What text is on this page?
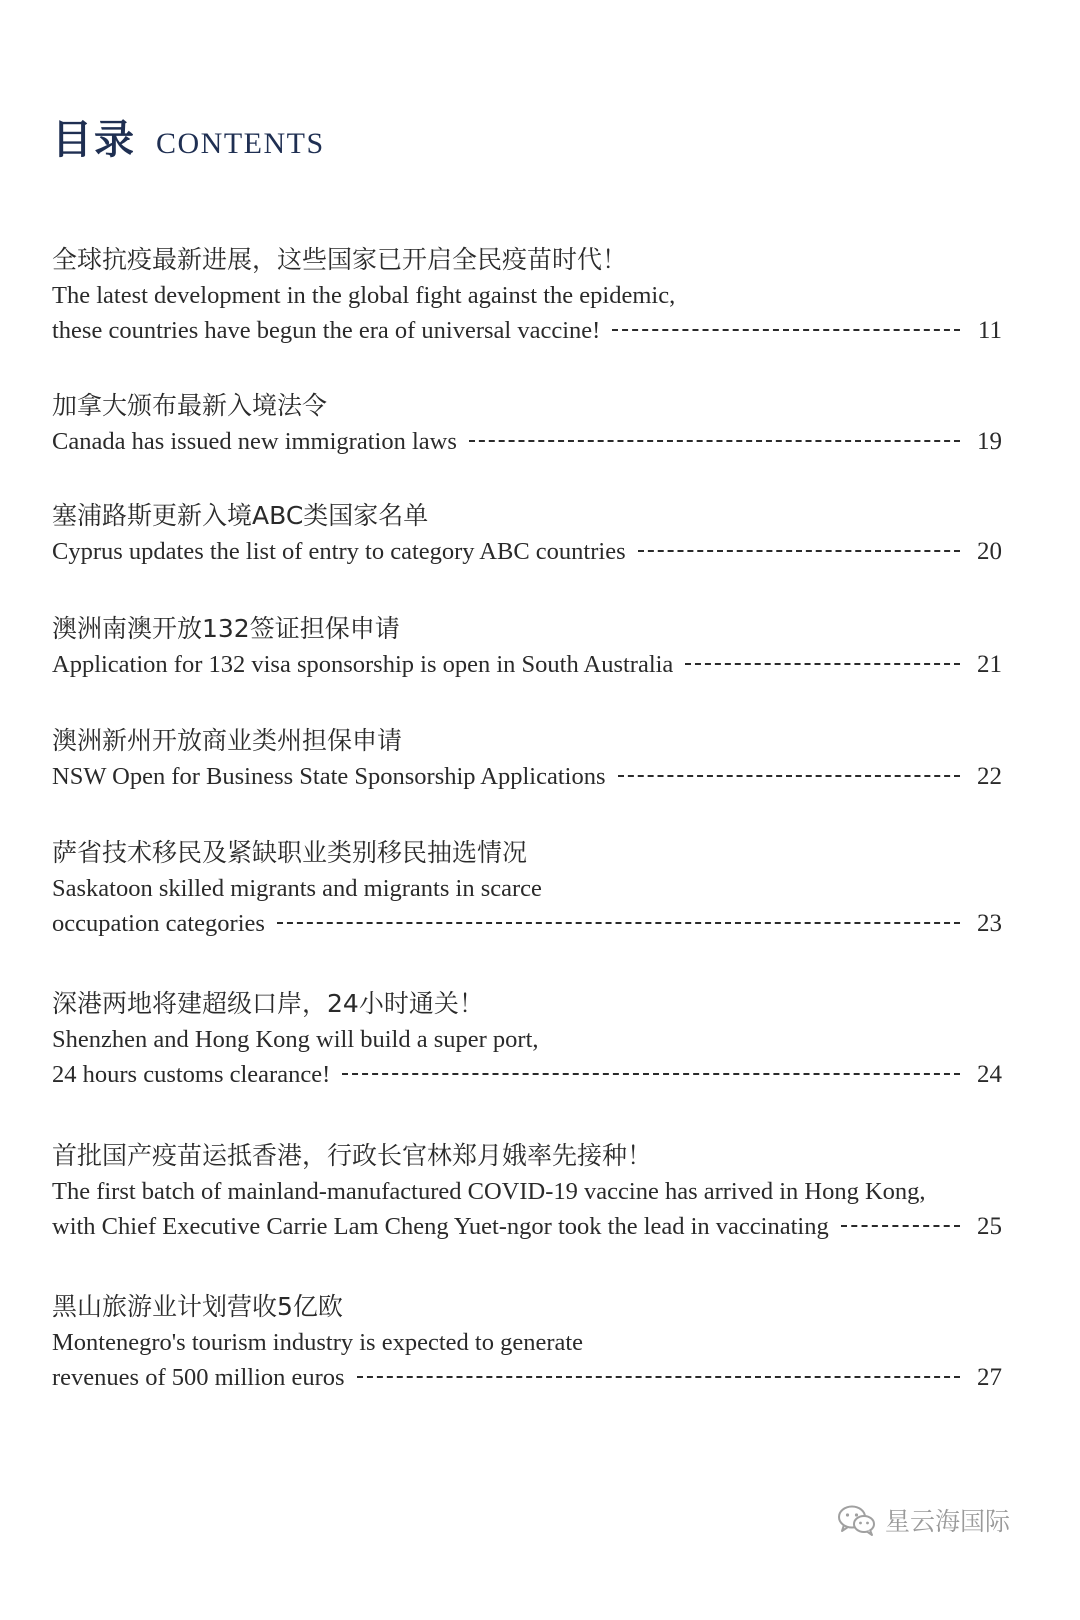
目录 CONTENTS
全球抗疫最新进展，这些国家已开启全民疫苗时代！
The latest development in the global fight against the epidemic,
these countries have begun the era of universal vaccine!	11
加拿大颁布最新入境法令
Canada has issued new immigration laws	19
塞浦路斯更新入境ABC类国家名单
Cyprus updates the list of entry to category ABC countries	20
澳洲南澳开放132签证担保申请
Application for 132 visa sponsorship is open in South Australia	21
澳洲新州开放商业类州担保申请
NSW Open for Business State Sponsorship Applications	22
萨省技术移民及紧缺职业类别移民抽选情况
Saskatoon skilled migrants and migrants in scarce
occupation categories	23
深港两地将建超级口岸，24小时通关！
Shenzhen and Hong Kong will build a super port,
24 hours customs clearance!	24
首批国产疫苗运抵香港，行政长官林郑月娥率先接种！
The first batch of mainland-manufactured COVID-19 vaccine has arrived in Hong Kong,
with Chief Executive Carrie Lam Cheng Yuet-ngor took the lead in vaccinating	25
黑山旅游业计划营收5亿欧
Montenegro's tourism industry is expected to generate
revenues of 500 million euros	27
星云海国际
